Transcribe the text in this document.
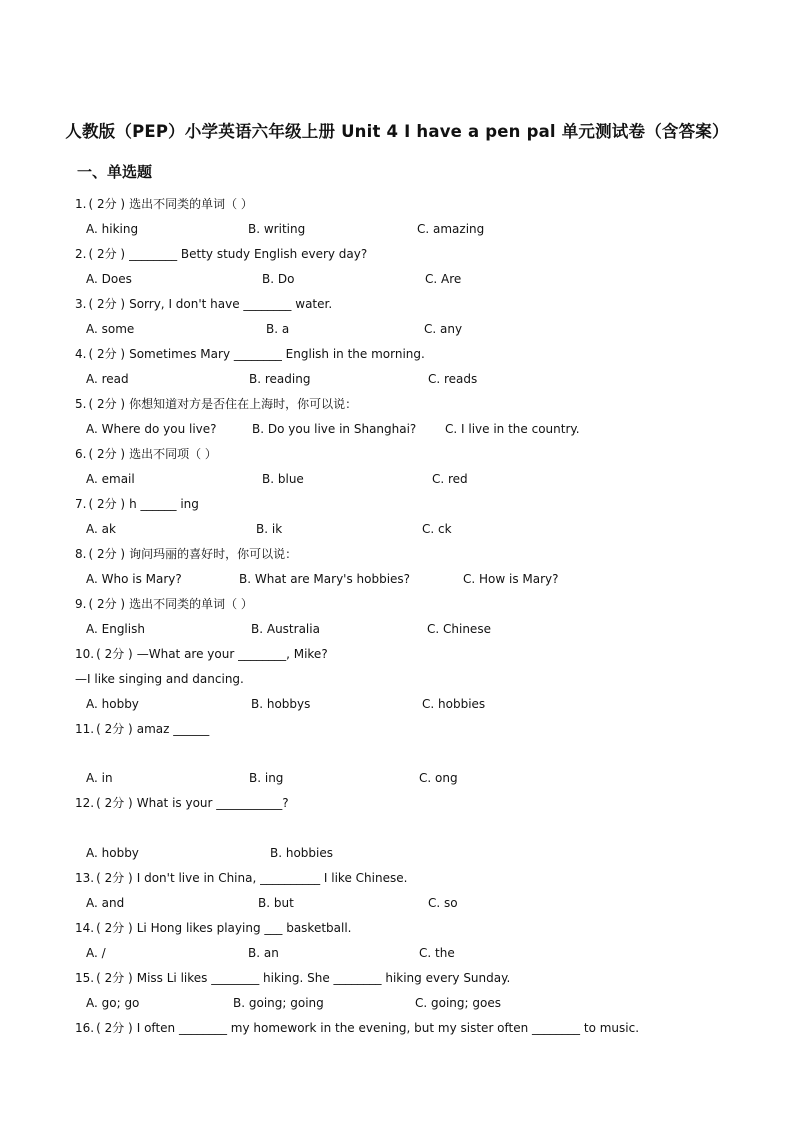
人教版（PEP）小学英语六年级上册 Unit 4 I have a pen pal 单元测试卷（含答案）
一、单选题
1. ( 2分 ) 选出不同类的单词（ ）
A. hiking	B. writing	C. amazing
2. ( 2分 ) ________ Betty study English every day?
A. Does	B. Do	C. Are
3. ( 2分 ) Sorry, I don't have ________ water.
A. some	B. a	C. any
4. ( 2分 ) Sometimes Mary ________ English in the morning.
A. read	B. reading	C. reads
5. ( 2分 ) 你想知道对方是否住在上海时，你可以说：
A. Where do you live?	B. Do you live in Shanghai? C. I live in the country.
6. ( 2分 ) 选出不同项（ ）
A. email	B. blue	C. red
7. ( 2分 ) h ______ ing
A. ak	B. ik	C. ck
8. ( 2分 ) 询问玛丽的喜好时，你可以说：
A. Who is Mary?	B. What are Mary's hobbies?	C. How is Mary?
9. ( 2分 ) 选出不同类的单词（ ）
A. English	B. Australia	C. Chinese
10. ( 2分 ) —What are your ________, Mike?
—I like singing and dancing.
A. hobby	B. hobbys	C. hobbies
11. ( 2分 ) amaz ______
A. in	B. ing	C. ong
12. ( 2分 ) What is your ___________?
A. hobby	B. hobbies
13. ( 2分 ) I don't live in China, __________ I like Chinese.
A. and	B. but	C. so
14. ( 2分 ) Li Hong likes playing ___ basketball.
A. /	B. an	C. the
15. ( 2分 ) Miss Li likes ________ hiking. She ________ hiking every Sunday.
A. go; go	B. going; going	C. going; goes
16. ( 2分 ) I often ________ my homework in the evening, but my sister often ________ to music.
